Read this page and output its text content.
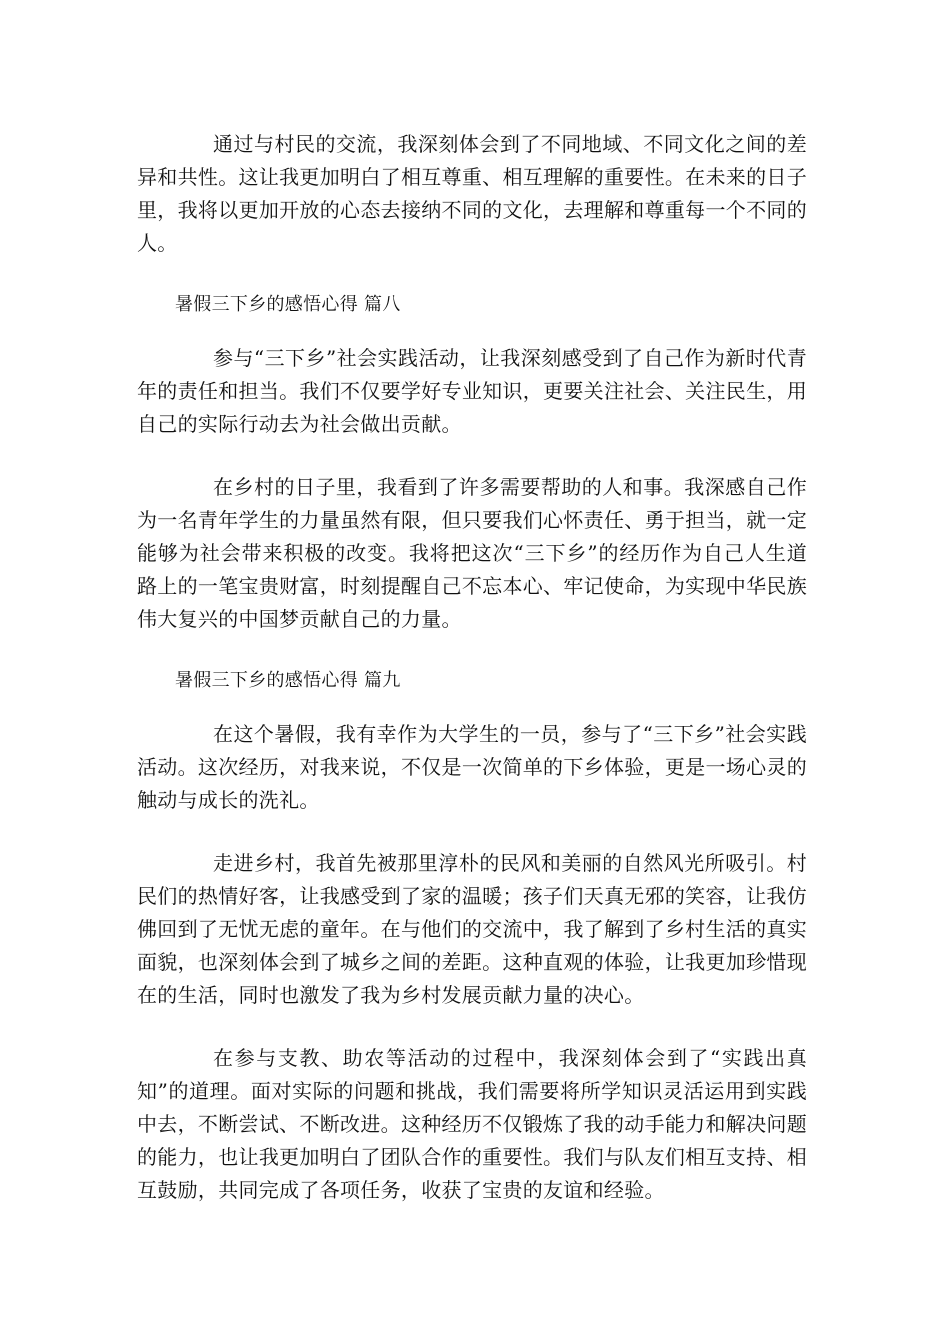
通过与村民的交流，我深刻体会到了不同地域、不同文化之间的差异和共性。这让我更加明白了相互尊重、相互理解的重要性。在未来的日子里，我将以更加开放的心态去接纳不同的文化，去理解和尊重每一个不同的人。

暑假三下乡的感悟心得 篇八

参与“三下乡”社会实践活动，让我深刻感受到了自己作为新时代青年的责任和担当。我们不仅要学好专业知识，更要关注社会、关注民生，用自己的实际行动去为社会做出贡献。

在乡村的日子里，我看到了许多需要帮助的人和事。我深感自己作为一名青年学生的力量虽然有限，但只要我们心怀责任、勇于担当，就一定能够为社会带来积极的改变。我将把这次“三下乡”的经历作为自己人生道路上的一笔宝贵财富，时刻提醒自己不忘本心、牢记使命，为实现中华民族伟大复兴的中国梦贡献自己的力量。

暑假三下乡的感悟心得 篇九

在这个暑假，我有幸作为大学生的一员，参与了“三下乡”社会实践活动。这次经历，对我来说，不仅是一次简单的下乡体验，更是一场心灵的触动与成长的洗礼。

走进乡村，我首先被那里淳朴的民风和美丽的自然风光所吸引。村民们的热情好客，让我感受到了家的温暖；孩子们天真无邪的笑容，让我仿佛回到了无忧无虑的童年。在与他们的交流中，我了解到了乡村生活的真实面貌，也深刻体会到了城乡之间的差距。这种直观的体验，让我更加珍惜现在的生活，同时也激发了我为乡村发展贡献力量的决心。

在参与支教、助农等活动的过程中，我深刻体会到了“实践出真知”的道理。面对实际的问题和挑战，我们需要将所学知识灵活运用到实践中去，不断尝试、不断改进。这种经历不仅锻炼了我的动手能力和解决问题的能力，也让我更加明白了团队合作的重要性。我们与队友们相互支持、相互鼓励，共同完成了各项任务，收获了宝贵的友谊和经验。
